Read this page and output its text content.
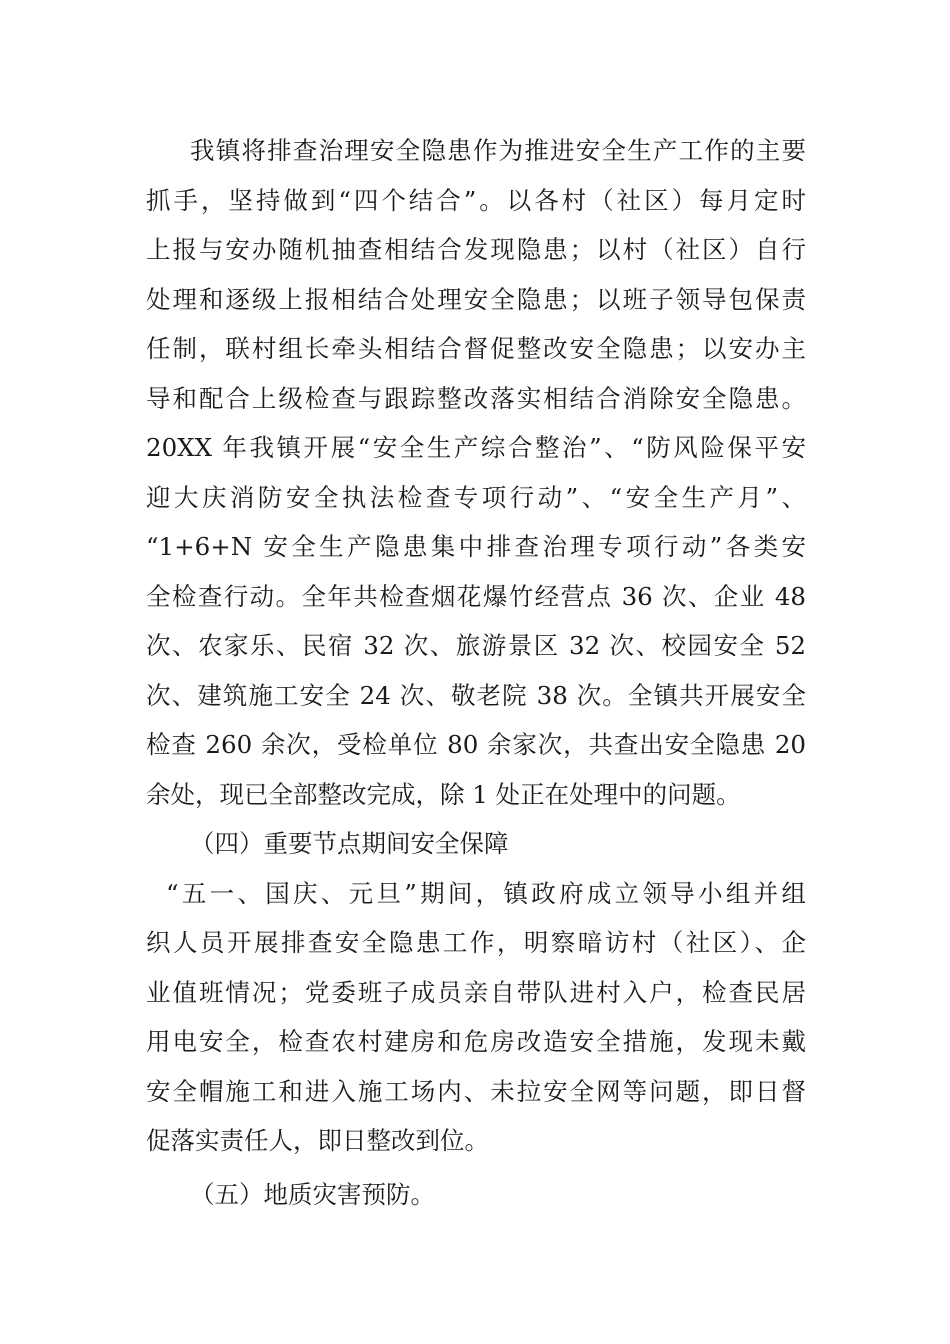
我镇将排查治理安全隐患作为推进安全生产工作的主要
抓手，坚持做到“四个结合”。以各村（社区）每月定时
上报与安办随机抽查相结合发现隐患；以村（社区）自行
处理和逐级上报相结合处理安全隐患；以班子领导包保责
任制，联村组长牵头相结合督促整改安全隐患；以安办主
导和配合上级检查与跟踪整改落实相结合消除安全隐患。
20XX 年我镇开展“安全生产综合整治”、“防风险保平安
迎大庆消防安全执法检查专项行动”、“安全生产月”、
“1+6+N 安全生产隐患集中排查治理专项行动”各类安
全检查行动。全年共检查烟花爆竹经营点 36 次、企业 48
次、农家乐、民宿 32 次、旅游景区 32 次、校园安全 52
次、建筑施工安全 24 次、敬老院 38 次。全镇共开展安全
检查 260 余次，受检单位 80 余家次，共查出安全隐患 20
余处，现已全部整改完成，除 1 处正在处理中的问题。

（四）重要节点期间安全保障

“五一、国庆、元旦”期间，镇政府成立领导小组并组
织人员开展排查安全隐患工作，明察暗访村（社区）、企
业值班情况；党委班子成员亲自带队进村入户，检查民居
用电安全，检查农村建房和危房改造安全措施，发现未戴
安全帽施工和进入施工场内、未拉安全网等问题，即日督
促落实责任人，即日整改到位。

（五）地质灾害预防。
